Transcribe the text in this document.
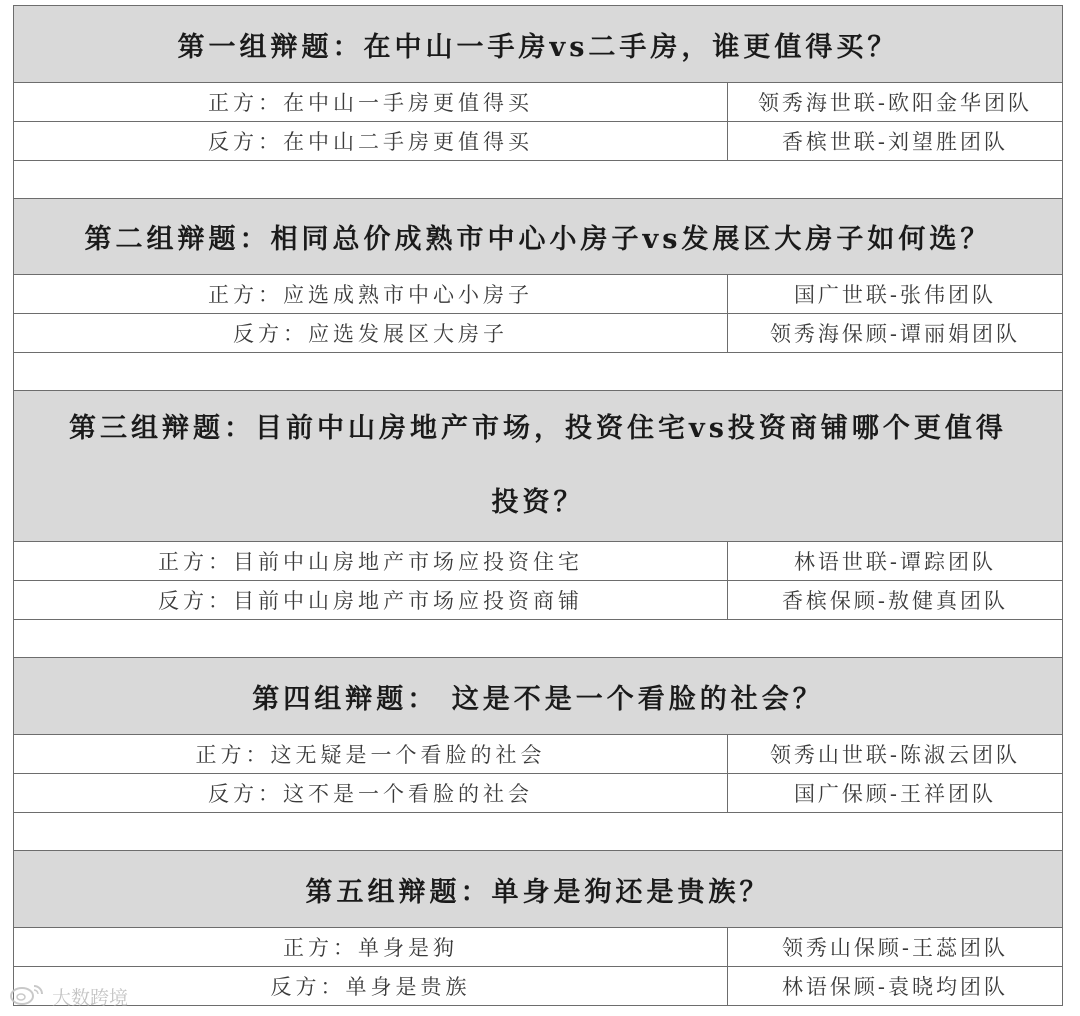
第一组辩题：在中山一手房vs二手房，谁更值得买？
正方：在中山一手房更值得买	领秀海世联-欧阳金华团队
反方：在中山二手房更值得买	香槟世联-刘望胜团队
第二组辩题：相同总价成熟市中心小房子vs发展区大房子如何选？
正方：应选成熟市中心小房子	国广世联-张伟团队
反方：应选发展区大房子	领秀海保顾-谭丽娟团队
第三组辩题：目前中山房地产市场，投资住宅vs投资商铺哪个更值得
投资？
正方：目前中山房地产市场应投资住宅	林语世联-谭踪团队
反方：目前中山房地产市场应投资商铺	香槟保顾-敖健真团队
第四组辩题： 这是不是一个看脸的社会？
正方：这无疑是一个看脸的社会	领秀山世联-陈淑云团队
反方：这不是一个看脸的社会	国广保顾-王祥团队
第五组辩题：单身是狗还是贵族？
正方：单身是狗	领秀山保顾-王蕊团队
反方：单身是贵族	林语保顾-袁晓均团队
大数跨境
